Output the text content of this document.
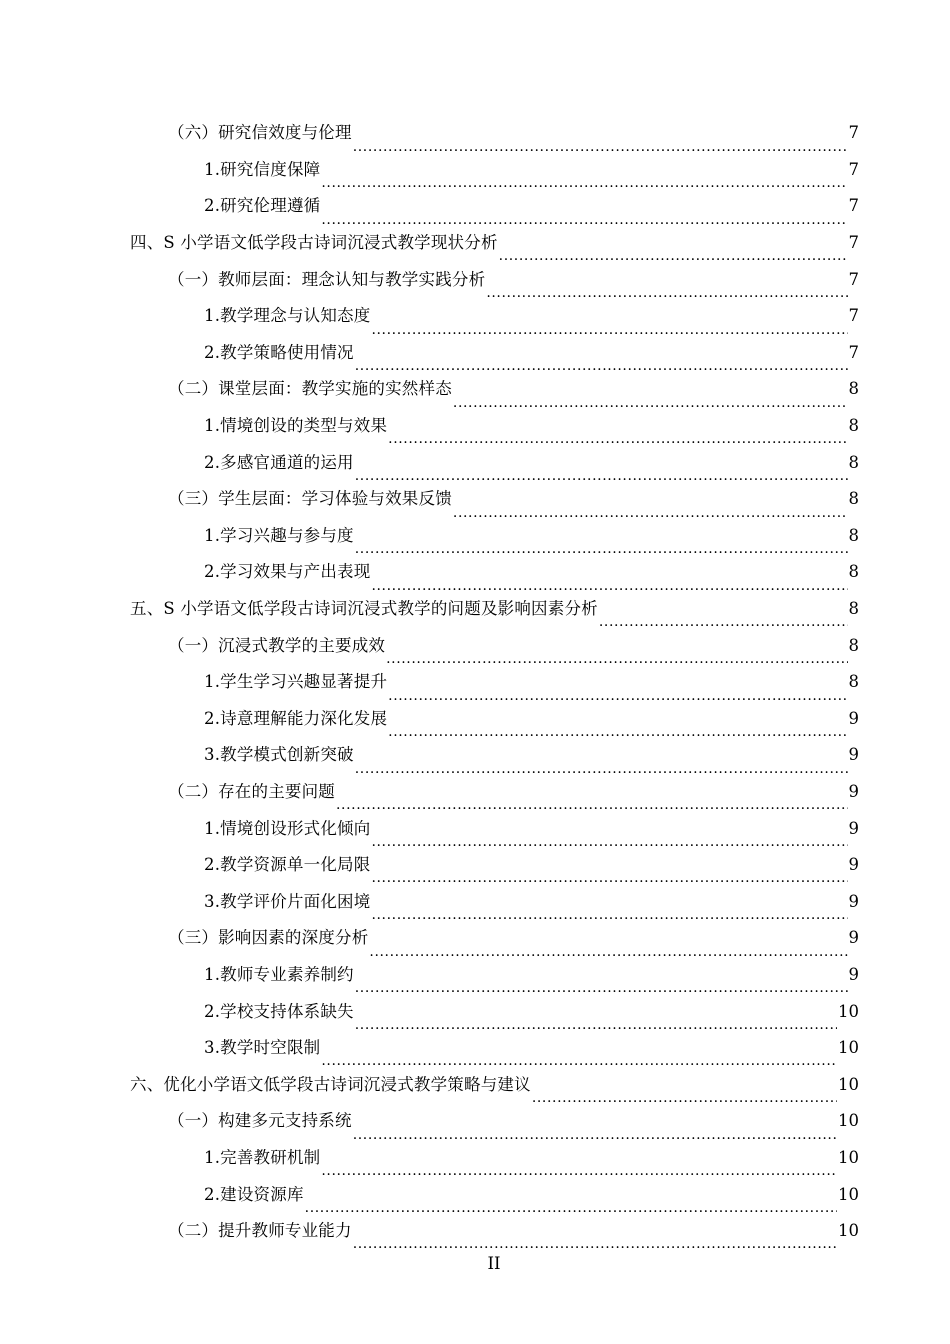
（六）研究信效度与伦理 .....	7
1.研究信度保障 .....	7
2.研究伦理遵循 .....	7
四、S 小学语文低学段古诗词沉浸式教学现状分析 .....	7
（一）教师层面：理念认知与教学实践分析 .....	7
1.教学理念与认知态度 .....	7
2.教学策略使用情况 .....	7
（二）课堂层面：教学实施的实然样态 .....	8
1.情境创设的类型与效果 .....	8
2.多感官通道的运用 .....	8
（三）学生层面：学习体验与效果反馈 .....	8
1.学习兴趣与参与度 .....	8
2.学习效果与产出表现 .....	8
五、S 小学语文低学段古诗词沉浸式教学的问题及影响因素分析 .....	8
（一）沉浸式教学的主要成效 .....	8
1.学生学习兴趣显著提升 .....	8
2.诗意理解能力深化发展 .....	9
3.教学模式创新突破 .....	9
（二）存在的主要问题 .....	9
1.情境创设形式化倾向 .....	9
2.教学资源单一化局限 .....	9
3.教学评价片面化困境 .....	9
（三）影响因素的深度分析 .....	9
1.教师专业素养制约 .....	9
2.学校支持体系缺失 .....	10
3.教学时空限制 .....	10
六、优化小学语文低学段古诗词沉浸式教学策略与建议 .....	10
（一）构建多元支持系统 .....	10
1.完善教研机制 .....	10
2.建设资源库 .....	10
（二）提升教师专业能力 .....	10
II
